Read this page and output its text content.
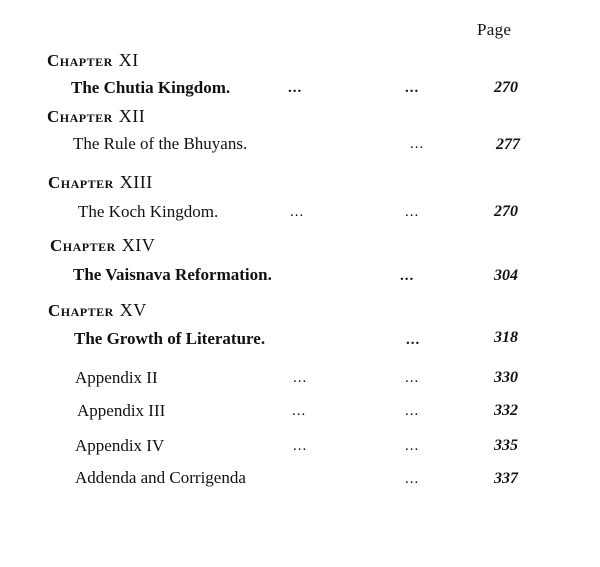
Page
CHAPTER XI
The Chutia Kingdom.	...	...	270
CHAPTER XII
The Rule of the Bhuyans.	...	277
CHAPTER XIII
The Koch Kingdom.	...	...	270
CHAPTER XIV
The Vaisnava Reformation.	...	304
CHAPTER XV
The Growth of Literature.	...	318
Appendix II	...	...	330
Appendix III	...	...	332
Appendix IV	...	...	335
Addenda and Corrigenda	...	337
